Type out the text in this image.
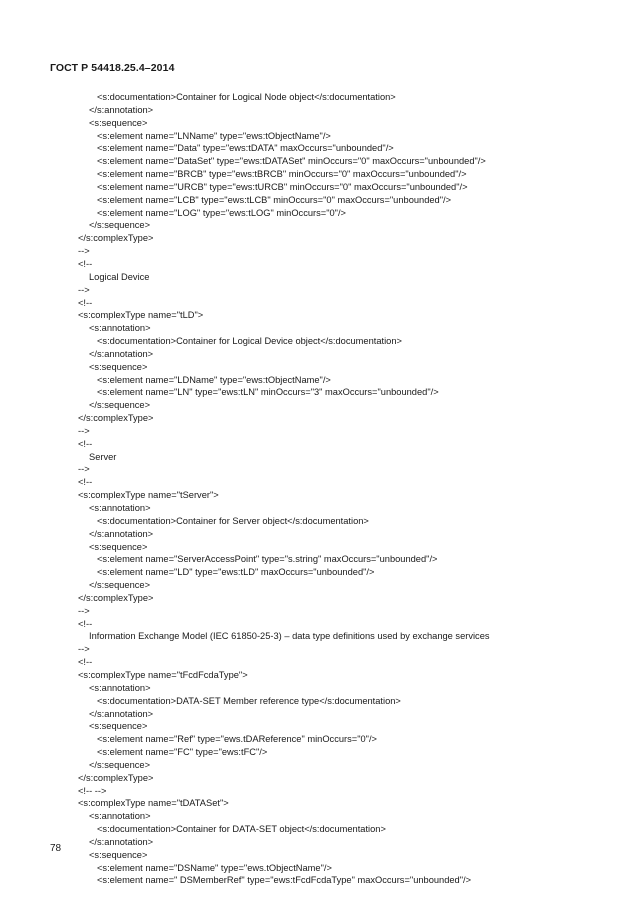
ГОСТ Р 54418.25.4–2014
<s:documentation>Container for Logical Node object</s:documentation>
</s:annotation>
<s:sequence>
<s:element name="LNName" type="ews:tObjectName"/>
<s:element name="Data" type="ews:tDATA" maxOccurs="unbounded"/>
<s:element name="DataSet" type="ews:tDATASet" minOccurs="0" maxOccurs="unbounded"/>
<s:element name="BRCB" type="ews:tBRCB" minOccurs="0" maxOccurs="unbounded"/>
<s:element name="URCB" type="ews:tURCB" minOccurs="0" maxOccurs="unbounded"/>
<s:element name="LCB" type="ews:tLCB" minOccurs="0" maxOccurs="unbounded"/>
<s:element name="LOG" type="ews:tLOG" minOccurs="0"/>
</s:sequence>
</s:complexType>
-->
<!--
Logical Device
-->
<!--
<s:complexType name="tLD">
<s:annotation>
<s:documentation>Container for Logical Device object</s:documentation>
</s:annotation>
<s:sequence>
<s:element name="LDName" type="ews:tObjectName"/>
<s:element name="LN" type="ews:tLN" minOccurs="3" maxOccurs="unbounded"/>
</s:sequence>
</s:complexType>
-->
<!--
Server
-->
<!--
<s:complexType name="tServer">
<s:annotation>
<s:documentation>Container for Server object</s:documentation>
</s:annotation>
<s:sequence>
<s:element name="ServerAccessPoint" type="s.string" maxOccurs="unbounded"/>
<s:element name="LD" type="ews:tLD" maxOccurs="unbounded"/>
</s:sequence>
</s:complexType>
-->
<!--
Information Exchange Model (IEC 61850-25-3) – data type definitions used by exchange services
-->
<!--
<s:complexType name="tFcdFcdaType">
<s:annotation>
<s:documentation>DATA-SET Member reference type</s:documentation>
</s:annotation>
<s:sequence>
<s:element name="Ref" type="ews.tDAReference" minOccurs="0"/>
<s:element name="FC" type="ews:tFC"/>
</s:sequence>
</s:complexType>
<!-- -->
<s:complexType name="tDATASet">
<s:annotation>
<s:documentation>Container for DATA-SET object</s:documentation>
</s:annotation>
<s:sequence>
<s:element name="DSName" type="ews.tObjectName"/>
<s:element name=" DSMemberRef" type="ews:tFcdFcdaType" maxOccurs="unbounded"/>
78
